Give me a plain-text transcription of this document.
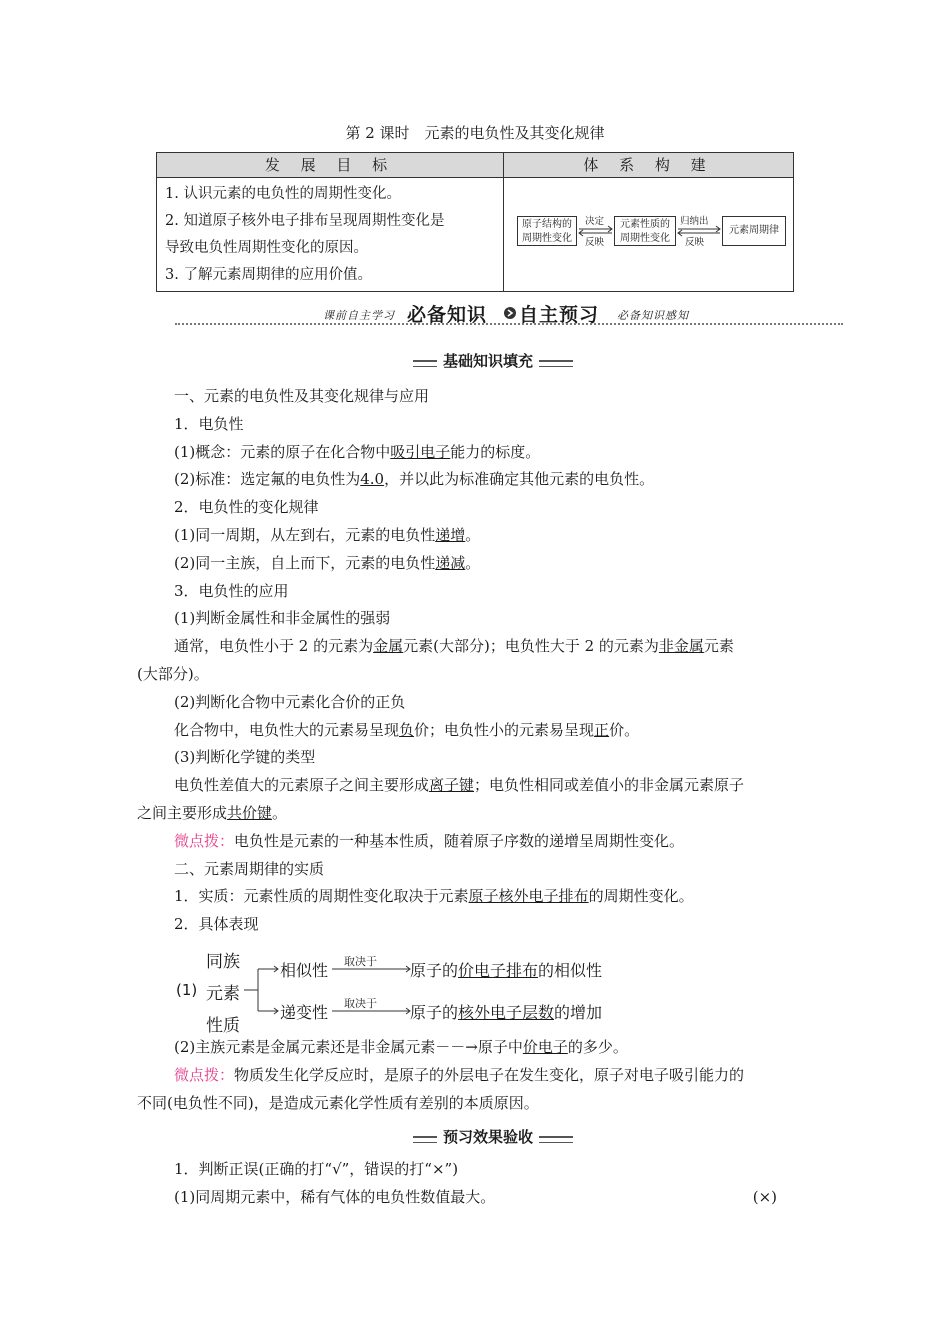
第 2 课时　元素的电负性及其变化规律
发 展 目 标	体 系 构 建
1. 认识元素的电负性的周期性变化。
2. 知道原子核外电子排布呈现周期性变化是
导致电负性周期性变化的原因。
3. 了解元素周期律的应用价值。
原子结构的
周期性变化
决定
反映
元素性质的
周期性变化
归纳出
反映
元素周期律
课前自主学习 必备知识 自主预习 必备知识感知
基础知识填充

一、元素的电负性及其变化规律与应用

1．电负性

(1)概念：元素的原子在化合物中吸引电子能力的标度。

(2)标准：选定氟的电负性为4.0，并以此为标准确定其他元素的电负性。

2．电负性的变化规律

(1)同一周期，从左到右，元素的电负性递增。

(2)同一主族，自上而下，元素的电负性递减。

3．电负性的应用

(1)判断金属性和非金属性的强弱

通常，电负性小于 2 的元素为金属元素(大部分)；电负性大于 2 的元素为非金属元素

(大部分)。

(2)判断化合物中元素化合价的正负

化合物中，电负性大的元素易呈现负价；电负性小的元素易呈现正价。

(3)判断化学键的类型

电负性差值大的元素原子之间主要形成离子键；电负性相同或差值小的非金属元素原子

之间主要形成共价键。

微点拨：电负性是元素的一种基本性质，随着原子序数的递增呈周期性变化。

二、元素周期律的实质

1．实质：元素性质的周期性变化取决于元素原子核外电子排布的周期性变化。

2．具体表现

(1)
同族
元素
性质
相似性 取决于 原子的价电子排布的相似性
递变性 取决于 原子的核外电子层数的增加

(2)主族元素是金属元素还是非金属元素－－→原子中价电子的多少。

微点拨：物质发生化学反应时，是原子的外层电子在发生变化，原子对电子吸引能力的

不同(电负性不同)，是造成元素化学性质有差别的本质原因。

预习效果验收

1．判断正误(正确的打“√”，错误的打“×”)

(1)同周期元素中，稀有气体的电负性数值最大。	(×)
